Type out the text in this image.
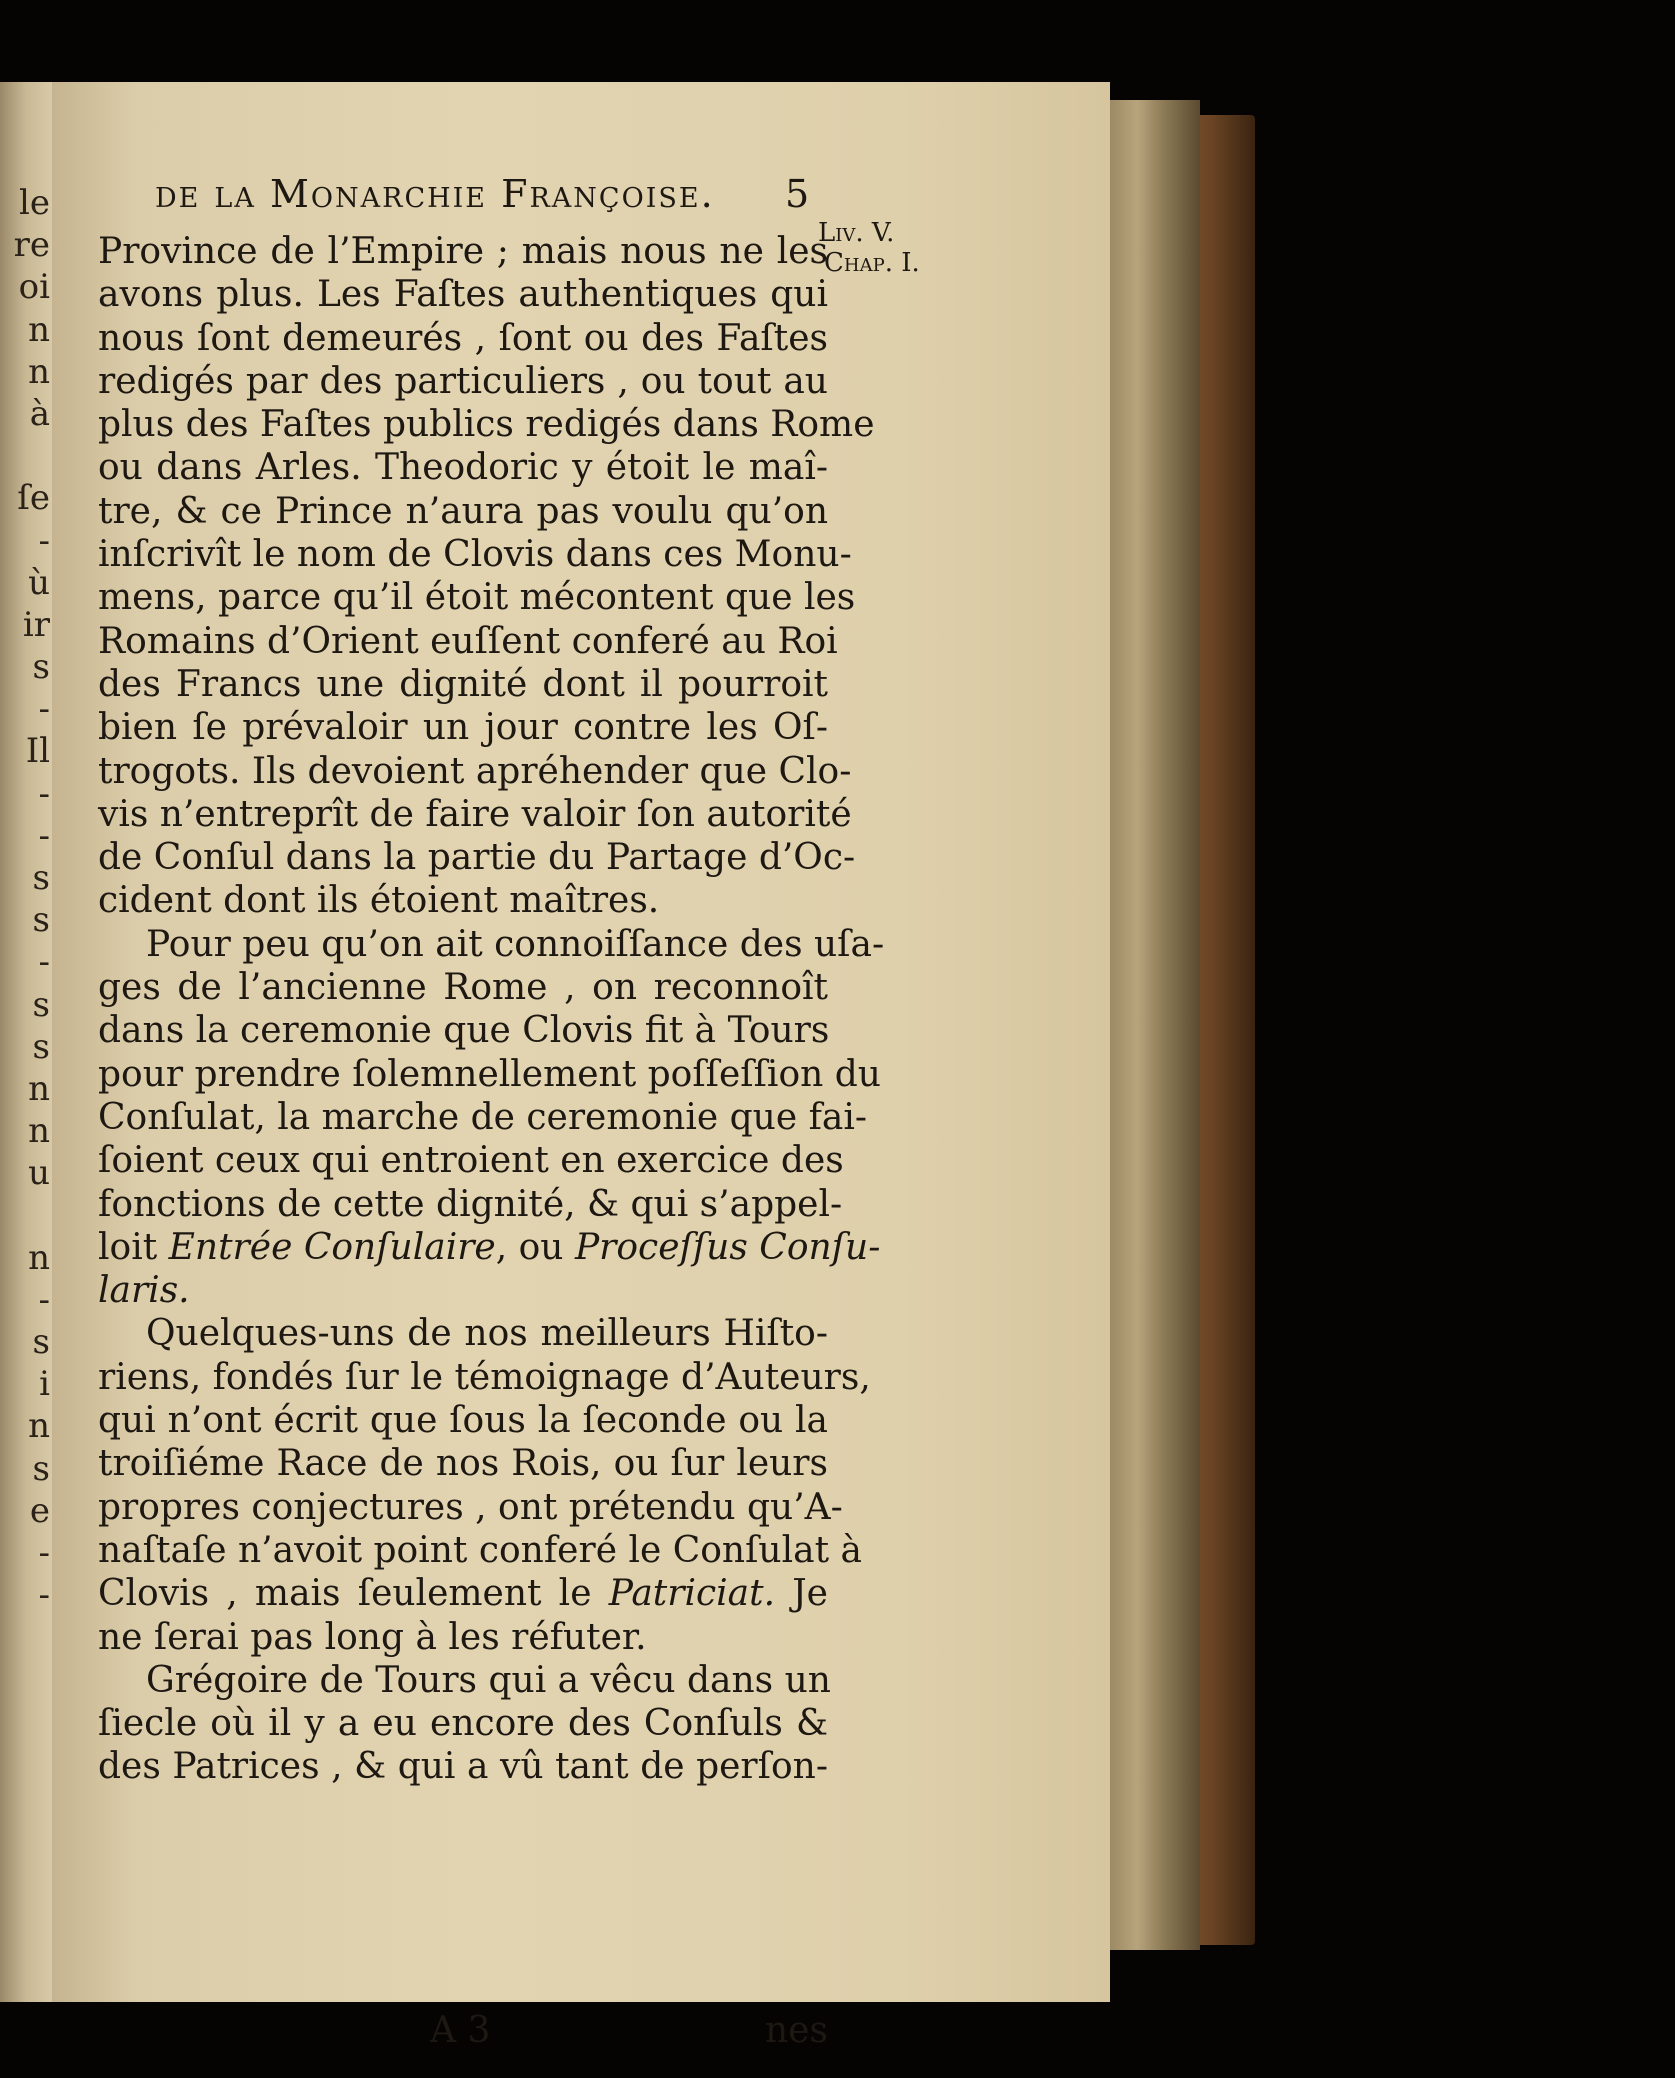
le
re
oi
n
n
à
ſe
-
ù
ir
s
-
Il
-
-
s
s
-
s
s
n
n
u
n
-
s
i
n
s
e
-
-
de la Monarchie Françoise.	5
Liv. V.
Chap. I.
Province de l’Empire ; mais nous ne les
avons plus. Les Faſtes authentiques qui
nous ſont demeurés , ſont ou des Faſtes
redigés par des particuliers , ou tout au
plus des Faſtes publics redigés dans Rome
ou dans Arles. Theodoric y étoit le maî-
tre, & ce Prince n’aura pas voulu qu’on
inſcrivît le nom de Clovis dans ces Monu-
mens, parce qu’il étoit mécontent que les
Romains d’Orient euſſent conferé au Roi
des Francs une dignité dont il pourroit
bien ſe prévaloir un jour contre les Oſ-
trogots. Ils devoient apréhender que Clo-
vis n’entreprît de faire valoir ſon autorité
de Conſul dans la partie du Partage d’Oc-
cident dont ils étoient maîtres.
Pour peu qu’on ait connoiſſance des uſa-
ges de l’ancienne Rome , on reconnoît
dans la ceremonie que Clovis fit à Tours
pour prendre ſolemnellement poſſeſſion du
Conſulat, la marche de ceremonie que fai-
ſoient ceux qui entroient en exercice des
fonctions de cette dignité, & qui s’appel-
loit Entrée Conſulaire, ou Proceſſus Conſu-
laris.
Quelques-uns de nos meilleurs Hiſto-
riens, fondés ſur le témoignage d’Auteurs,
qui n’ont écrit que ſous la ſeconde ou la
troiſiéme Race de nos Rois, ou ſur leurs
propres conjectures , ont prétendu qu’A-
naſtaſe n’avoit point conferé le Conſulat à
Clovis , mais ſeulement le Patriciat. Je
ne ſerai pas long à les réfuter.
Grégoire de Tours qui a vêcu dans un
ſiecle où il y a eu encore des Conſuls &
des Patrices , & qui a vû tant de perſon-
A 3	nes
